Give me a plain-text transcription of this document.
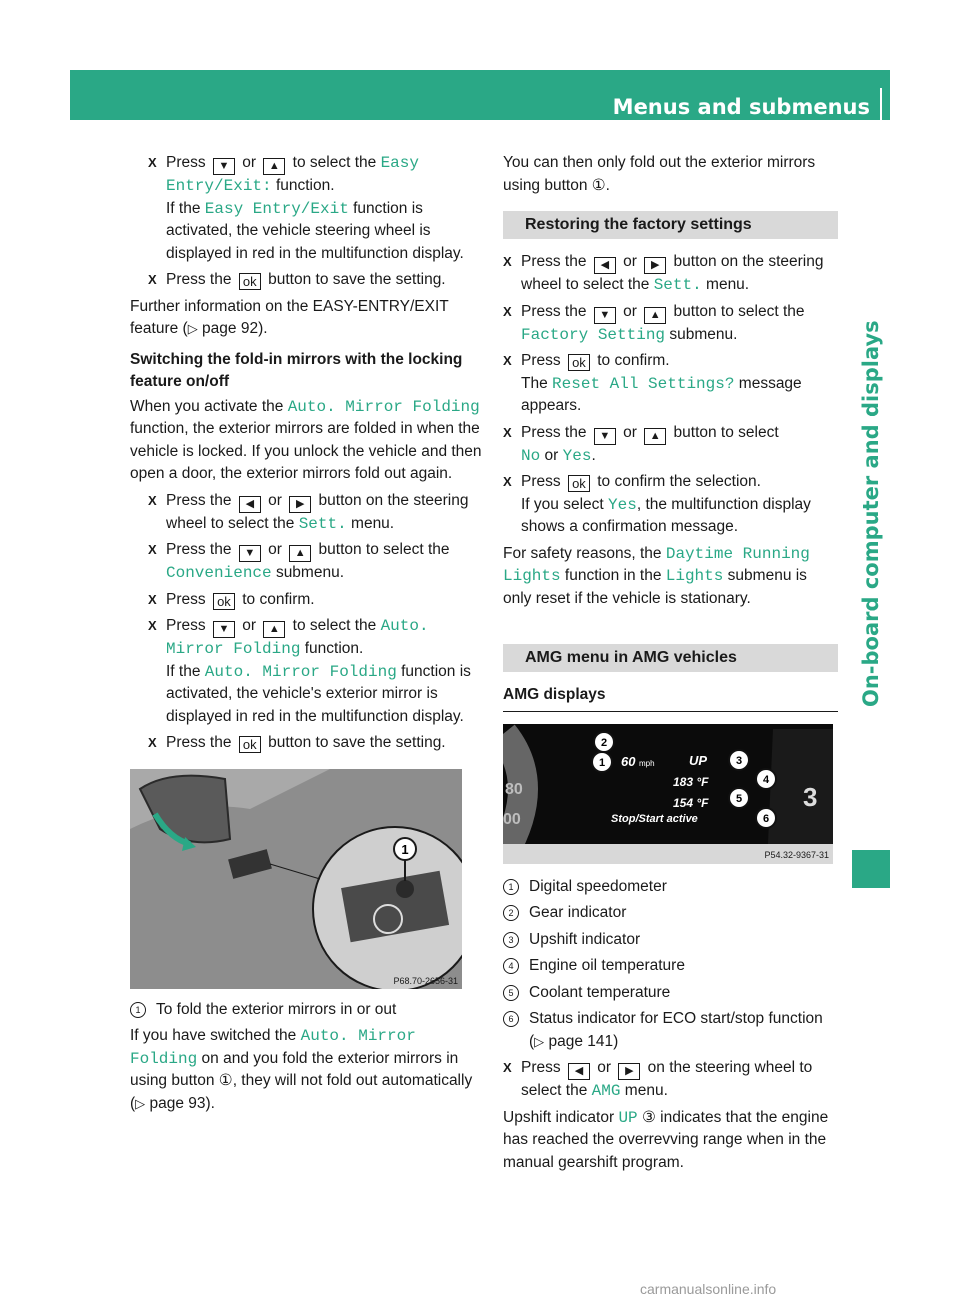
Menus and submenus217
On-board computer and displays
X Press ▼ or ▲ to select the Easy
Entry/Exit: function.
If the Easy Entry/Exit function is activated, the vehicle steering wheel is displayed in red in the multifunction display.
X Press the ok button to save the setting.

Further information on the EASY-ENTRY/EXIT feature (▷ page 92).

Switching the fold-in mirrors with the locking feature on/off

When you activate the Auto. Mirror Folding function, the exterior mirrors are folded in when the vehicle is locked. If you unlock the vehicle and then open a door, the exterior mirrors fold out again.

X Press the ◀ or ▶ button on the steering wheel to select the Sett. menu.
X Press the ▼ or ▲ button to select the
Convenience submenu.
X Press ok to confirm.
X Press ▼ or ▲ to select the Auto. Mirror Folding function.
If the Auto. Mirror Folding function is activated, the vehicle's exterior mirror is displayed in red in the multifunction display.
X Press the ok button to save the setting.
1
P68.70-2656-31
1	To fold the exterior mirrors in or out

If you have switched the Auto. Mirror Folding on and you fold the exterior mirrors in using button ①, they will not fold out automatically (▷ page 93).

You can then only fold out the exterior mirrors using button ①.

Restoring the factory settings
X Press the ◀ or ▶ button on the steering wheel to select the Sett. menu.
X Press the ▼ or ▲ button to select the
Factory Setting submenu.
X Press ok to confirm.
The Reset All Settings? message appears.
X Press the ▼ or ▲ button to select
No or Yes.
X Press ok to confirm the selection.
If you select Yes, the multifunction display shows a confirmation message.

For safety reasons, the Daytime Running Lights function in the Lights submenu is only reset if the vehicle is stationary.

AMG menu in AMG vehicles
AMG displays
80
00
3
60 mph	UP
183 °F
154 °F
Stop/Start active
1
2
3
4
5
6
P54.32-9367-31
1	Digital speedometer
2	Gear indicator
3	Upshift indicator
4	Engine oil temperature
5	Coolant temperature
6	Status indicator for ECO start/stop function (▷ page 141)
X Press ◀ or ▶ on the steering wheel to select the AMG menu.

Upshift indicator UP ③ indicates that the engine has reached the overrevving range when in the manual gearshift program.

carmanualsonline.info
